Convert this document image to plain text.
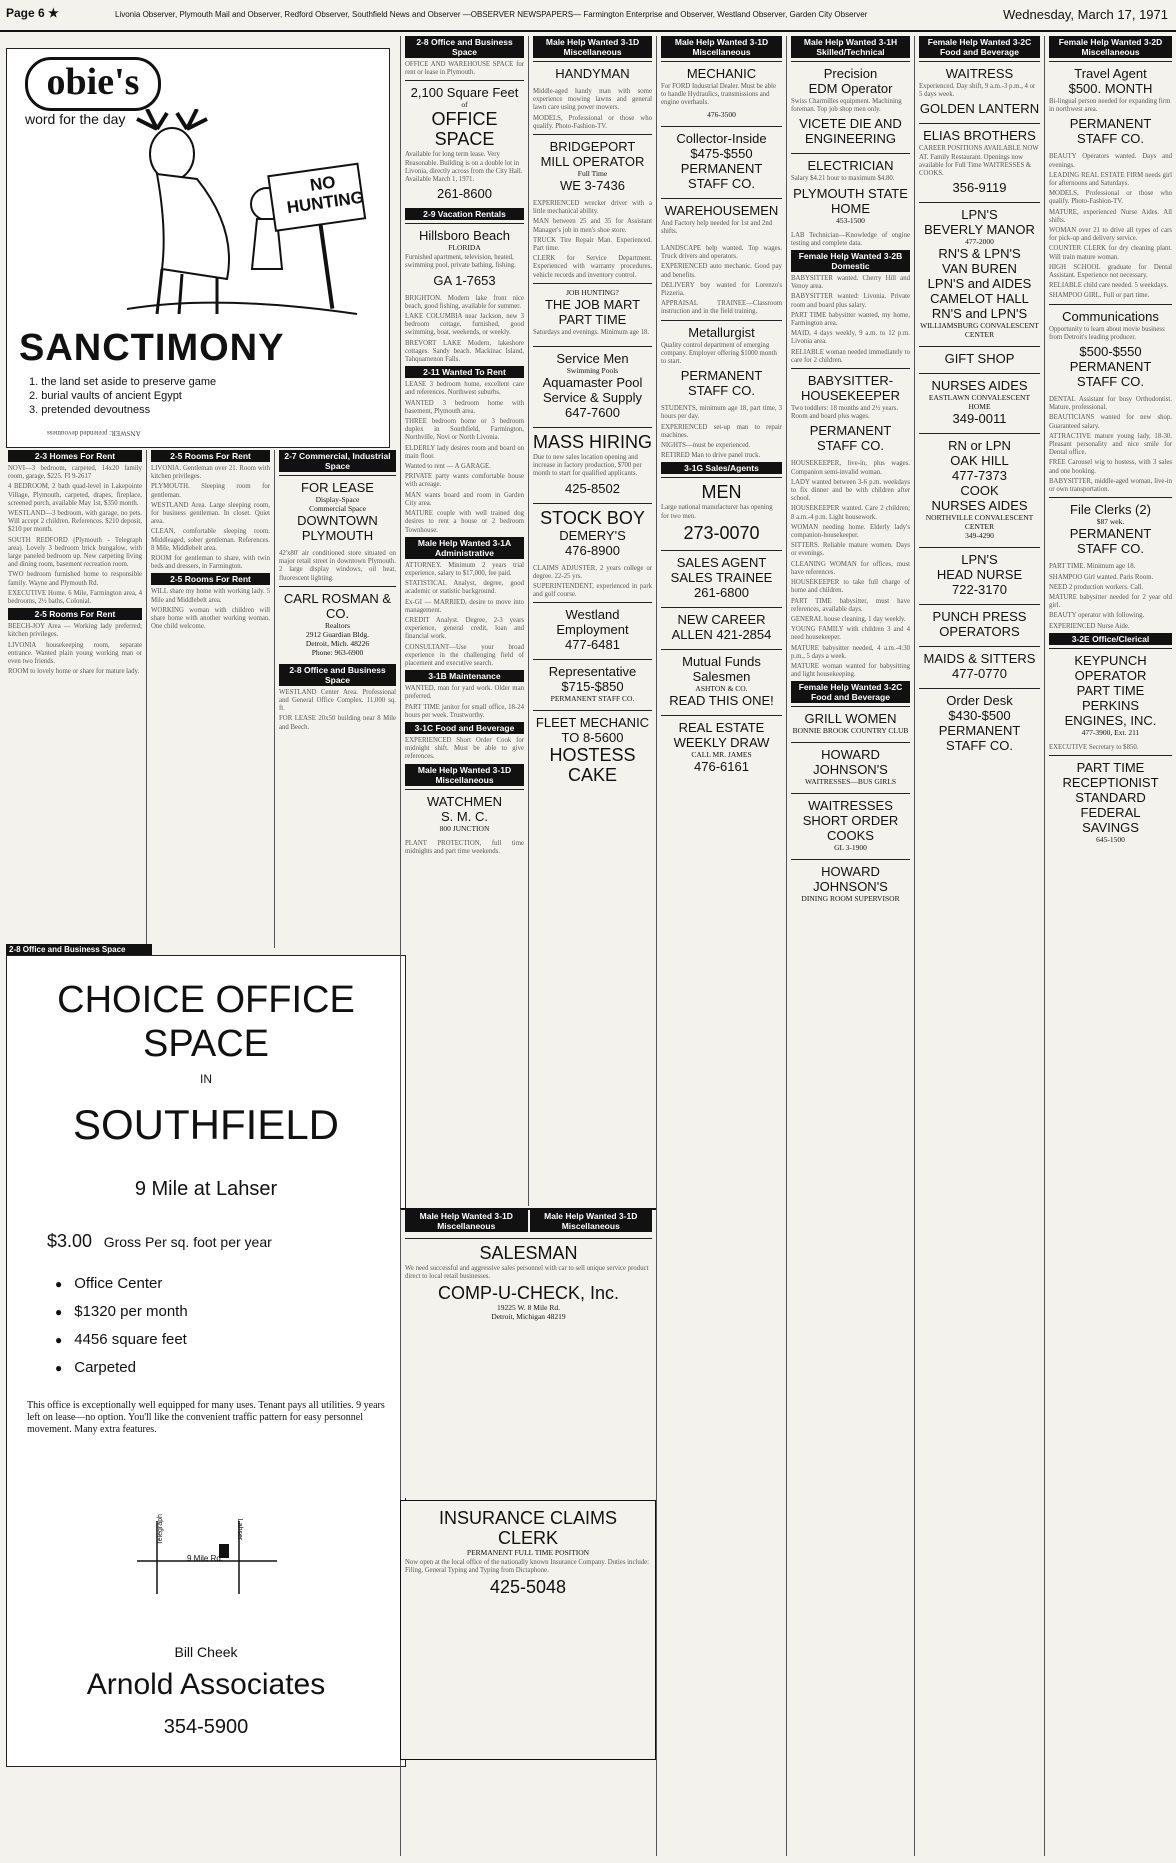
Page 6 ★	Livonia Observer, Plymouth Mail and Observer, Redford Observer, Southfield News and Observer —OBSERVER NEWSPAPERS— Farmington Enterprise and Observer, Westland Observer, Garden City Observer	Wednesday, March 17, 1971
obie's
word for the day
NO HUNTING
SANCTIMONY
1. the land set aside to preserve game
2. burial vaults of ancient Egypt
3. pretended devoutness
ANSWER: pretended devoutness
2-3 Homes For Rent
NOVI—3 bedroom, carpeted, 14x20 family room, garage, $225. FI 9-2617
4 BEDROOM, 2 bath quad-level in Lakepointe Village, Plymouth, carpeted, drapes, fireplace, screened porch, available May 1st, $350 month.
WESTLAND—3 bedroom, with garage, no pets. Will accept 2 children. References. $210 deposit, $210 per month.
SOUTH REDFORD (Plymouth - Telegraph area). Lovely 3 bedroom brick bungalow, with large paneled bedroom up. New carpeting living and dining room, basement recreation room.
TWO bedroom furnished home to responsible family. Wayne and Plymouth Rd.
EXECUTIVE Home. 6 Mile, Farmington area, 4 bedrooms, 2½ baths, Colonial.
2-5 Rooms For Rent
BEECH-JOY Area — Working lady preferred; kitchen privileges.
LIVONIA housekeeping room, separate entrance. Wanted plain young working man or even two friends.
ROOM to lovely home or share for mature lady.
2-5 Rooms For Rent
LIVONIA. Gentleman over 21. Room with kitchen privileges.
PLYMOUTH. Sleeping room for gentleman.
WESTLAND Area. Large sleeping room, for business gentleman. In closet. Quiet area.
CLEAN, comfortable sleeping room. Middleaged, sober gentleman. References. 8 Mile, Middlebelt area.
ROOM for gentleman to share, with twin beds and dressers, in Farmington.
2-5 Rooms For Rent
WILL share my home with working lady. 5 Mile and Middlebelt area.
WORKING woman with children will share home with another working woman. One child welcome.
2-7 Commercial, Industrial Space
FOR LEASE
Display-Space
Commercial Space
DOWNTOWN PLYMOUTH
42'x80' air conditioned store situated on major retail street in downtown Plymouth. 2 large display windows, oil heat, fluorescent lighting.
CARL ROSMAN & CO.
Realtors
2912 Guardian Bldg.
Detroit, Mich. 48226
Phone: 963-6900
2-8 Office and Business Space
WESTLAND Center Area. Professional and General Office Complex. 11,000 sq. ft.
FOR LEASE 20x50 building near 8 Mile and Beech.
2-8 Office and Business Space
CHOICE OFFICE SPACE
IN
SOUTHFIELD
9 Mile at Lahser
$3.00 Gross Per sq. foot per year
● Office Center
● $1320 per month
● 4456 square feet
● Carpeted
This office is exceptionally well equipped for many uses. Tenant pays all utilities. 9 years left on lease—no option. You'll like the convenient traffic pattern for easy personnel movement. Many extra features.
9 Mile Rd.
Telegraph	Lahser
Bill Cheek
Arnold Associates
354-5900
2-8 Office and Business Space
OFFICE AND WAREHOUSE SPACE for rent or lease in Plymouth.
2,100 Square Feet
of
OFFICE SPACE
Available for long term lease. Very Reasonable. Building is on a double lot in Livonia, directly across from the City Hall. Available March 1, 1971.
261-8600
2-9 Vacation Rentals
Hillsboro Beach
FLORIDA
Furnished apartment, television, heated, swimming pool, private bathing, fishing.
GA 1-7653
BRIGHTON. Modern lake front nice beach, good fishing, available for summer.
LAKE COLUMBIA near Jackson, new 3 bedroom cottage, furnished, good swimming, boat, weekends, or weekly.
BREVORT LAKE Modern, lakeshore cottages. Sandy beach. Mackinac Island, Tahquamenon Falls.
2-11 Wanted To Rent
LEASE 3 bedroom home, excellent care and references. Northwest suburbs.
WANTED 3 bedroom home with basement, Plymouth area.
THREE bedroom home or 3 bedroom duplex in Southfield, Farmington, Northville, Novi or North Livonia.
ELDERLY lady desires room and board on main floor.
Wanted to rent — A GARAGE.
PRIVATE party wants comfortable house with acreage.
MAN wants board and room in Garden City area.
MATURE couple with well trained dog desires to rent a house or 2 bedroom Townhouse.
Male Help Wanted 3-1A Administrative
ATTORNEY. Minimum 2 years trial experience, salary to $17,000, fee paid.
STATISTICAL Analyst, degree, good academic or statistic background.
Ex-GI — MARRIED, desire to move into management.
CREDIT Analyst. Degree, 2-3 years experience, general credit, loan and financial work.
CONSULTANT—Use your broad experience in the challenging field of placement and executive search.
3-1B Maintenance
WANTED, man for yard work. Older man preferred.
PART TIME janitor for small office, 18-24 hours per week. Trustworthy.
3-1C Food and Beverage
EXPERIENCED Short Order Cook for midnight shift. Must be able to give references.
Male Help Wanted 3-1D Miscellaneous
WATCHMEN
S. M. C.
800 JUNCTION
PLANT PROTECTION, full time midnights and part time weekends.
Male Help Wanted 3-1D Miscellaneous
HANDYMAN
Middle-aged handy man with some experience mowing lawns and general lawn care using power mowers.
MODELS, Professional or those who qualify. Photo-Fashion-TV.
BRIDGEPORT
MILL OPERATOR
Full Time
WE 3-7436
EXPERIENCED wrecker driver with a little mechanical ability.
MAN between 25 and 35 for Assistant Manager's job in men's shoe store.
TRUCK Tire Repair Man. Experienced. Part time.
CLERK for Service Department. Experienced with warranty procedures, vehicle records and inventory control.
JOB HUNTING?
THE JOB MART
PART TIME
Saturdays and evenings. Minimum age 18.
Service Men
Swimming Pools
Aquamaster Pool
Service & Supply
647-7600
MASS HIRING
Due to new sales location opening and increase in factory production, $700 per month to start for qualified applicants.
425-8502
STOCK BOY
DEMERY'S
476-8900
CLAIMS ADJUSTER, 2 years college or degree. 22-25 yrs.
SUPERINTENDENT, experienced in park and golf course.
Westland Employment
477-6481
Representative
$715-$850
PERMANENT STAFF CO.
FLEET MECHANIC
TO 8-5600
HOSTESS CAKE
Male Help Wanted 3-1D Miscellaneous
Male Help Wanted 3-1D Miscellaneous
SALESMAN
We need successful and aggressive sales personnel with car to sell unique service product direct to local retail businesses.
COMP-U-CHECK, Inc.
19225 W. 8 Mile Rd.
Detroit, Michigan 48219
INSURANCE CLAIMS
CLERK
PERMANENT FULL TIME POSITION
Now open at the local office of the nationally known Insurance Company. Duties include: Filing, General Typing and Typing from Dictaphone.
425-5048
Male Help Wanted 3-1D Miscellaneous
MECHANIC
For FORD Industrial Dealer. Must be able to handle Hydraulics, transmissions and engine overhauls.
476-3500
Collector-Inside
$475-$550
PERMANENT STAFF CO.
WAREHOUSEMEN
And Factory help needed for 1st and 2nd shifts.
LANDSCAPE help wanted. Top wages. Truck drivers and operators.
EXPERIENCED auto mechanic. Good pay and benefits.
DELIVERY boy wanted for Lorenzo's Pizzeria.
APPRAISAL TRAINEE—Classroom instruction and in the field training.
Metallurgist
Quality control department of emerging company. Employer offering $1000 month to start.
PERMANENT STAFF CO.
STUDENTS, minimum age 18, part time, 3 hours per day.
EXPERIENCED set-up man to repair machines.
NIGHTS—must be experienced.
RETIRED Man to drive panel truck.
3-1G Sales/Agents
MEN
Large national manufacturer has opening for two men.
273-0070
SALES AGENT
SALES TRAINEE
261-6800
NEW CAREER
ALLEN 421-2854
Mutual Funds Salesmen
ASHTON & CO.
READ THIS ONE!
REAL ESTATE
WEEKLY DRAW
CALL MR. JAMES
476-6161
Male Help Wanted 3-1H Skilled/Technical
Precision
EDM Operator
Swiss Charmilles equipment. Machining foreman. Top job shop men only.
VICETE DIE AND ENGINEERING
ELECTRICIAN
Salary $4.21 hour to maximum $4.80.
PLYMOUTH STATE HOME
453-1500
LAB Technician—Knowledge of engine testing and complete data.
Female Help Wanted 3-2B Domestic
BABYSITTER wanted. Cherry Hill and Venoy area.
BABYSITTER wanted: Livonia. Private room and board plus salary.
PART TIME babysitter wanted, my home, Farmington area.
MAID, 4 days weekly, 9 a.m. to 12 p.m. Livonia area.
RELIABLE woman needed immediately to care for 2 children.
BABYSITTER-HOUSEKEEPER
Two toddlers: 18 months and 2½ years. Room and board plus wages.
PERMANENT STAFF CO.
HOUSEKEEPER, live-in, plus wages. Companion semi-invalid woman.
LADY wanted between 3-6 p.m. weekdays to fix dinner and be with children after school.
HOUSEKEEPER wanted. Care 2 children; 8 a.m.-4 p.m. Light housework.
WOMAN needing home. Elderly lady's companion-housekeeper.
SITTERS. Reliable mature women. Days or evenings.
CLEANING WOMAN for offices, must have references.
HOUSEKEEPER to take full charge of home and children.
PART TIME babysitter, must have references, available days.
GENERAL house cleaning, 1 day weekly.
YOUNG FAMILY with children 3 and 4 need housekeeper.
MATURE babysitter needed, 4 a.m.-4:30 p.m., 5 days a week.
MATURE woman wanted for babysitting and light housekeeping.
Female Help Wanted 3-2C Food and Beverage
GRILL WOMEN
BONNIE BROOK COUNTRY CLUB
HOWARD JOHNSON'S
WAITRESSES—BUS GIRLS
WAITRESSES
SHORT ORDER
COOKS
GL 3-1900
HOWARD JOHNSON'S
DINING ROOM SUPERVISOR
Female Help Wanted 3-2C Food and Beverage
WAITRESS
Experienced. Day shift, 9 a.m.-3 p.m., 4 or 5 days week.
GOLDEN LANTERN
ELIAS BROTHERS
CAREER POSITIONS AVAILABLE NOW AT. Family Restaurant. Openings now available for Full Time WAITRESSES & COOKS.
356-9119
LPN'S
BEVERLY MANOR
477-2000
RN'S & LPN'S
VAN BUREN
LPN'S and AIDES
CAMELOT HALL
RN'S and LPN'S
WILLIAMSBURG CONVALESCENT CENTER
GIFT SHOP
NURSES AIDES
EASTLAWN CONVALESCENT HOME
349-0011
RN or LPN
OAK HILL
477-7373
COOK
NURSES AIDES
NORTHVILLE CONVALESCENT CENTER
349-4290
LPN'S
HEAD NURSE
722-3170
PUNCH PRESS
OPERATORS
MAIDS & SITTERS
477-0770
Order Desk
$430-$500
PERMANENT STAFF CO.
Female Help Wanted 3-2D Miscellaneous
Travel Agent
$500. MONTH
Bi-lingual person needed for expanding firm in northwest area.
PERMANENT STAFF CO.
BEAUTY Operators wanted. Days and evenings.
LEADING REAL ESTATE FIRM needs girl for afternoons and Saturdays.
MODELS, Professional or those who qualify. Photo-Fashion-TV.
MATURE, experienced Nurse Aides. All shifts.
WOMAN over 21 to drive all types of cars for pick-up and delivery service.
COUNTER CLERK for dry cleaning plant. Will train mature woman.
HIGH SCHOOL graduate for Dental Assistant. Experience not necessary.
RELIABLE child care needed. 5 weekdays.
SHAMPOO GIRL. Full or part time.
Communications
Opportunity to learn about movie business from Detroit's leading producer.
$500-$550
PERMANENT STAFF CO.
DENTAL Assistant for busy Orthodontist. Mature, professional.
BEAUTICIANS wanted for new shop. Guaranteed salary.
ATTRACTIVE mature young lady, 18-30. Pleasant personality and nice smile for Dental office.
FREE Carousel wig to hostess, with 3 sales and one booking.
BABYSITTER, middle-aged woman, live-in or own transportation.
File Clerks (2)
$87 wek.
PERMANENT STAFF CO.
PART TIME. Minimum age 18.
SHAMPOO Girl wanted. Paris Room.
NEED 2 production workers. Call.
MATURE babysitter needed for 2 year old girl.
BEAUTY operator with following.
EXPERIENCED Nurse Aide.
3-2E Office/Clerical
KEYPUNCH
OPERATOR
PART TIME
PERKINS
ENGINES, INC.
477-3900, Ext. 211
EXECUTIVE Secretary to $850.
PART TIME
RECEPTIONIST
STANDARD
FEDERAL
SAVINGS
645-1500
